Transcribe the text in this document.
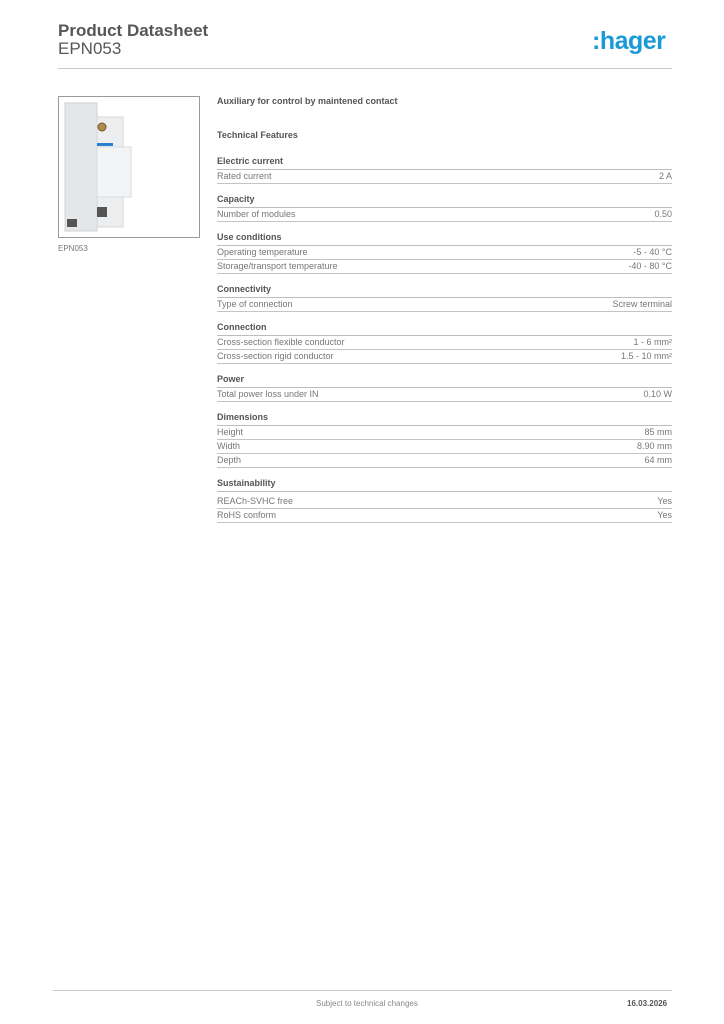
Product Datasheet
EPN053	:hager
EPN053
Auxiliary for control by maintened contact
Technical Features
Electric current
Rated current	2 A
Capacity
Number of modules	0.50
Use conditions
Operating temperature	-5 - 40 °C
Storage/transport temperature	-40 - 80 °C
Connectivity
Type of connection	Screw terminal
Connection
Cross-section flexible conductor	1 - 6 mm²
Cross-section rigid conductor	1.5 - 10 mm²
Power
Total power loss under IN	0.10 W
Dimensions
Height	85 mm
Width	8.90 mm
Depth	64 mm
Sustainability
REACh-SVHC free	Yes
RoHS conform	Yes
Subject to technical changes	16.03.2026
